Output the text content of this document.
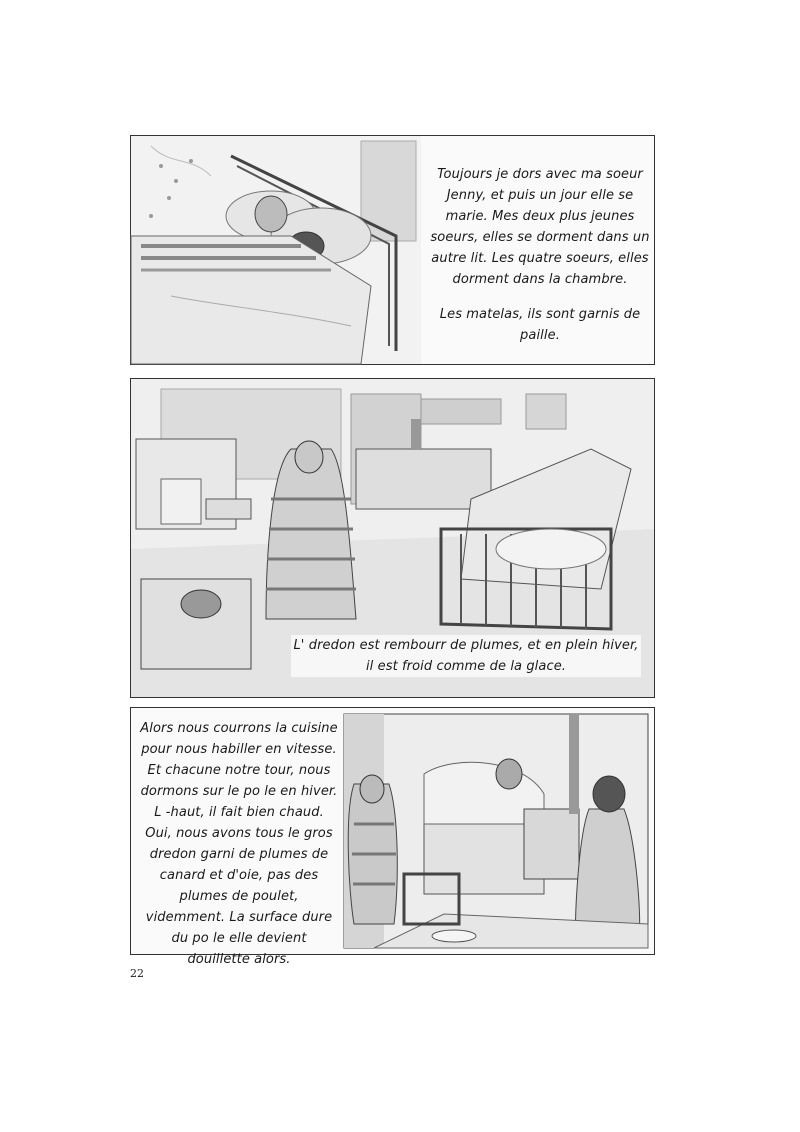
Toujours je dors avec ma soeur Jenny, et puis un jour elle se marie. Mes deux plus jeunes soeurs, elles se dorment dans un autre lit. Les quatre soeurs, elles dorment dans la chambre.

Les matelas, ils sont garnis de paille.

L' dredon est rembourr de plumes, et en plein hiver, il est froid comme de la glace.

Alors nous courrons la cuisine pour nous habiller en vitesse. Et chacune notre tour, nous dormons sur le po le en hiver. L -haut, il fait bien chaud. Oui, nous avons tous le gros dredon garni de plumes de canard et d'oie, pas des plumes de poulet, videmment. La surface dure du po le elle devient douillette alors.

22
